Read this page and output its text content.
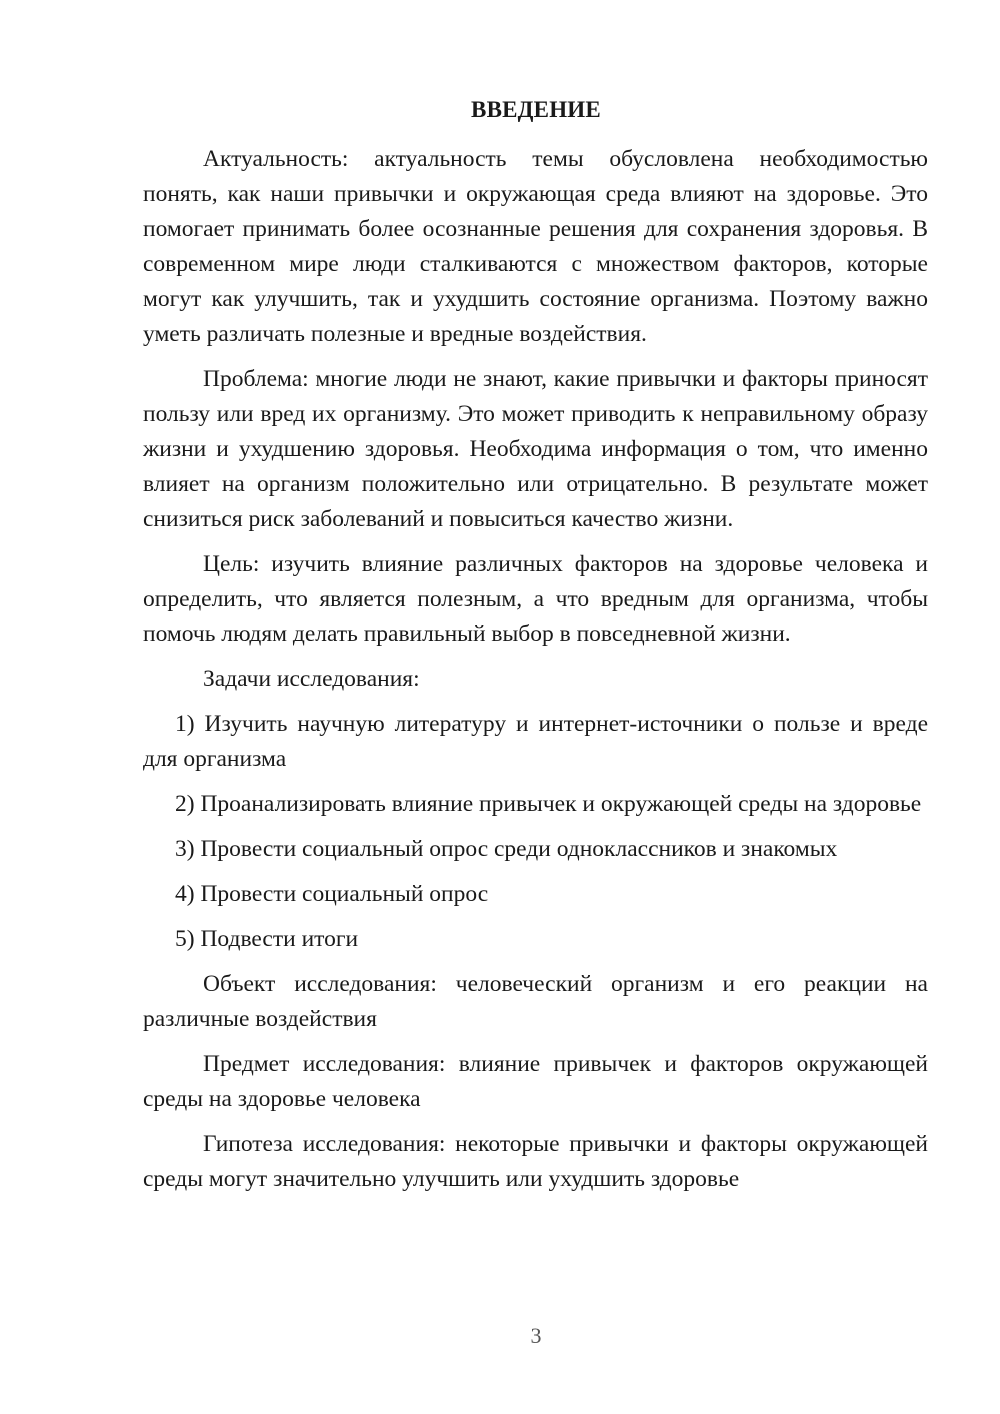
ВВЕДЕНИЕ

Актуальность: актуальность темы обусловлена необходимостью понять, как наши привычки и окружающая среда влияют на здоровье. Это помогает принимать более осознанные решения для сохранения здоровья. В современном мире люди сталкиваются с множеством факторов, которые могут как улучшить, так и ухудшить состояние организма. Поэтому важно уметь различать полезные и вредные воздействия.

Проблема: многие люди не знают, какие привычки и факторы приносят пользу или вред их организму. Это может приводить к неправильному образу жизни и ухудшению здоровья. Необходима информация о том, что именно влияет на организм положительно или отрицательно. В результате может снизиться риск заболеваний и повыситься качество жизни.

Цель: изучить влияние различных факторов на здоровье человека и определить, что является полезным, а что вредным для организма, чтобы помочь людям делать правильный выбор в повседневной жизни.

Задачи исследования:

1) Изучить научную литературу и интернет-источники о пользе и вреде для организма

2) Проанализировать влияние привычек и окружающей среды на здоровье

3) Провести социальный опрос среди одноклассников и знакомых

4) Провести социальный опрос

5) Подвести итоги

Объект исследования: человеческий организм и его реакции на различные воздействия

Предмет исследования: влияние привычек и факторов окружающей среды на здоровье человека

Гипотеза исследования: некоторые привычки и факторы окружающей среды могут значительно улучшить или ухудшить здоровье

3
